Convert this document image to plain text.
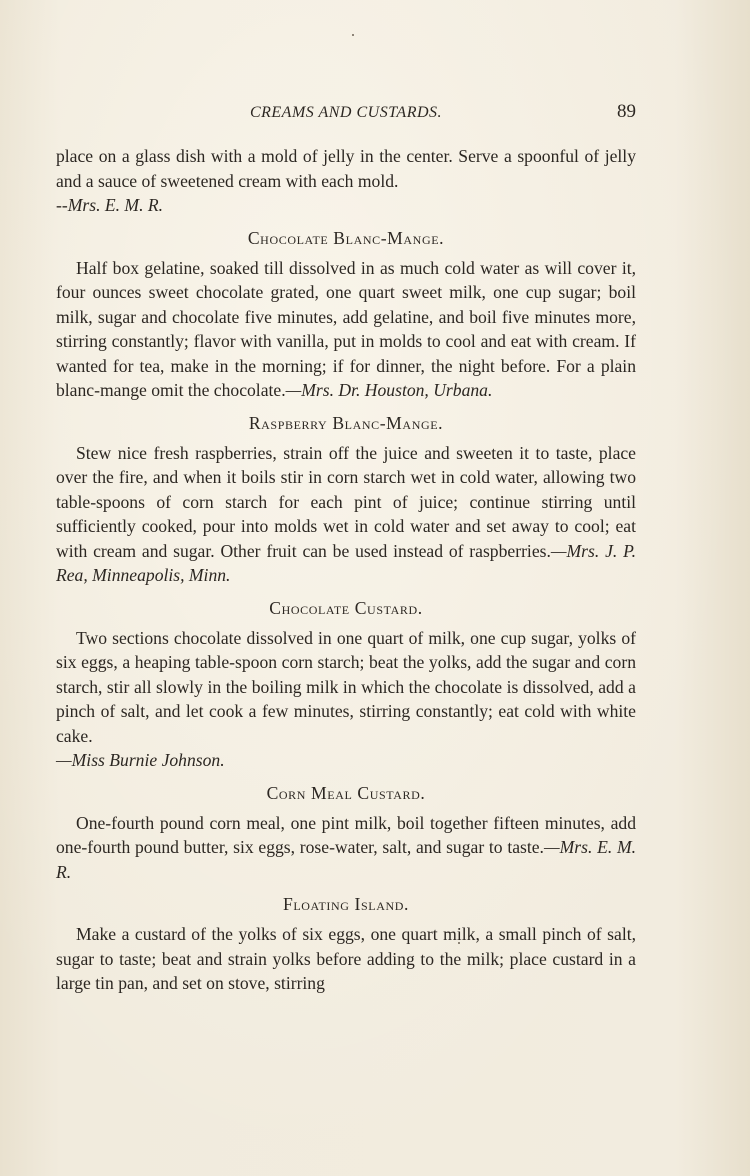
CREAMS AND CUSTARDS.	89

place on a glass dish with a mold of jelly in the center. Serve a spoonful of jelly and a sauce of sweetened cream with each mold.
--Mrs. E. M. R.

Chocolate Blanc-Mange.

Half box gelatine, soaked till dissolved in as much cold water as will cover it, four ounces sweet chocolate grated, one quart sweet milk, one cup sugar; boil milk, sugar and chocolate five minutes, add gelatine, and boil five minutes more, stirring constantly; flavor with vanilla, put in molds to cool and eat with cream. If wanted for tea, make in the morning; if for dinner, the night before. For a plain blanc-mange omit the chocolate.—Mrs. Dr. Houston, Urbana.

Raspberry Blanc-Mange.

Stew nice fresh raspberries, strain off the juice and sweeten it to taste, place over the fire, and when it boils stir in corn starch wet in cold water, allowing two table-spoons of corn starch for each pint of juice; continue stirring until sufficiently cooked, pour into molds wet in cold water and set away to cool; eat with cream and sugar. Other fruit can be used instead of raspberries.—Mrs. J. P. Rea, Minneapolis, Minn.

Chocolate Custard.

Two sections chocolate dissolved in one quart of milk, one cup sugar, yolks of six eggs, a heaping table-spoon corn starch; beat the yolks, add the sugar and corn starch, stir all slowly in the boiling milk in which the chocolate is dissolved, add a pinch of salt, and let cook a few minutes, stirring constantly; eat cold with white cake.
—Miss Burnie Johnson.

Corn Meal Custard.

One-fourth pound corn meal, one pint milk, boil together fifteen minutes, add one-fourth pound butter, six eggs, rose-water, salt, and sugar to taste.—Mrs. E. M. R.

Floating Island.

Make a custard of the yolks of six eggs, one quart milk, a small pinch of salt, sugar to taste; beat and strain yolks before adding to the milk; place custard in a large tin pan, and set on stove, stirring
